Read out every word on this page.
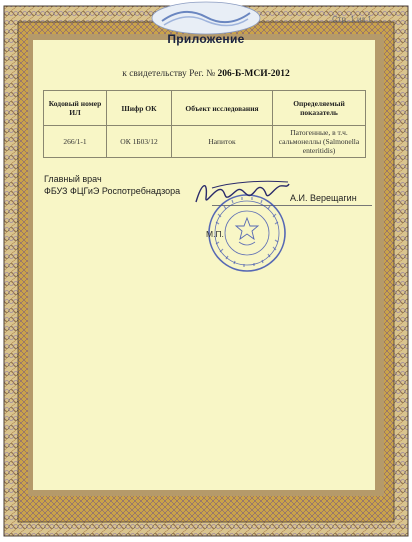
Стр. 1 из 1
Приложение
к свидетельству Рег. № 206-Б-МСИ-2012
Кодовый номер ИЛ	Шифр ОК	Объект исследования	Определяемый показатель
266/1-1	ОК 1Б03/12	Напиток	Патогенные, в т.ч. сальмонеллы (Salmonella enteritidis)
Главный врач
ФБУЗ ФЦГиЭ Роспотребнадзора
А.И. Верещагин
М.П.
